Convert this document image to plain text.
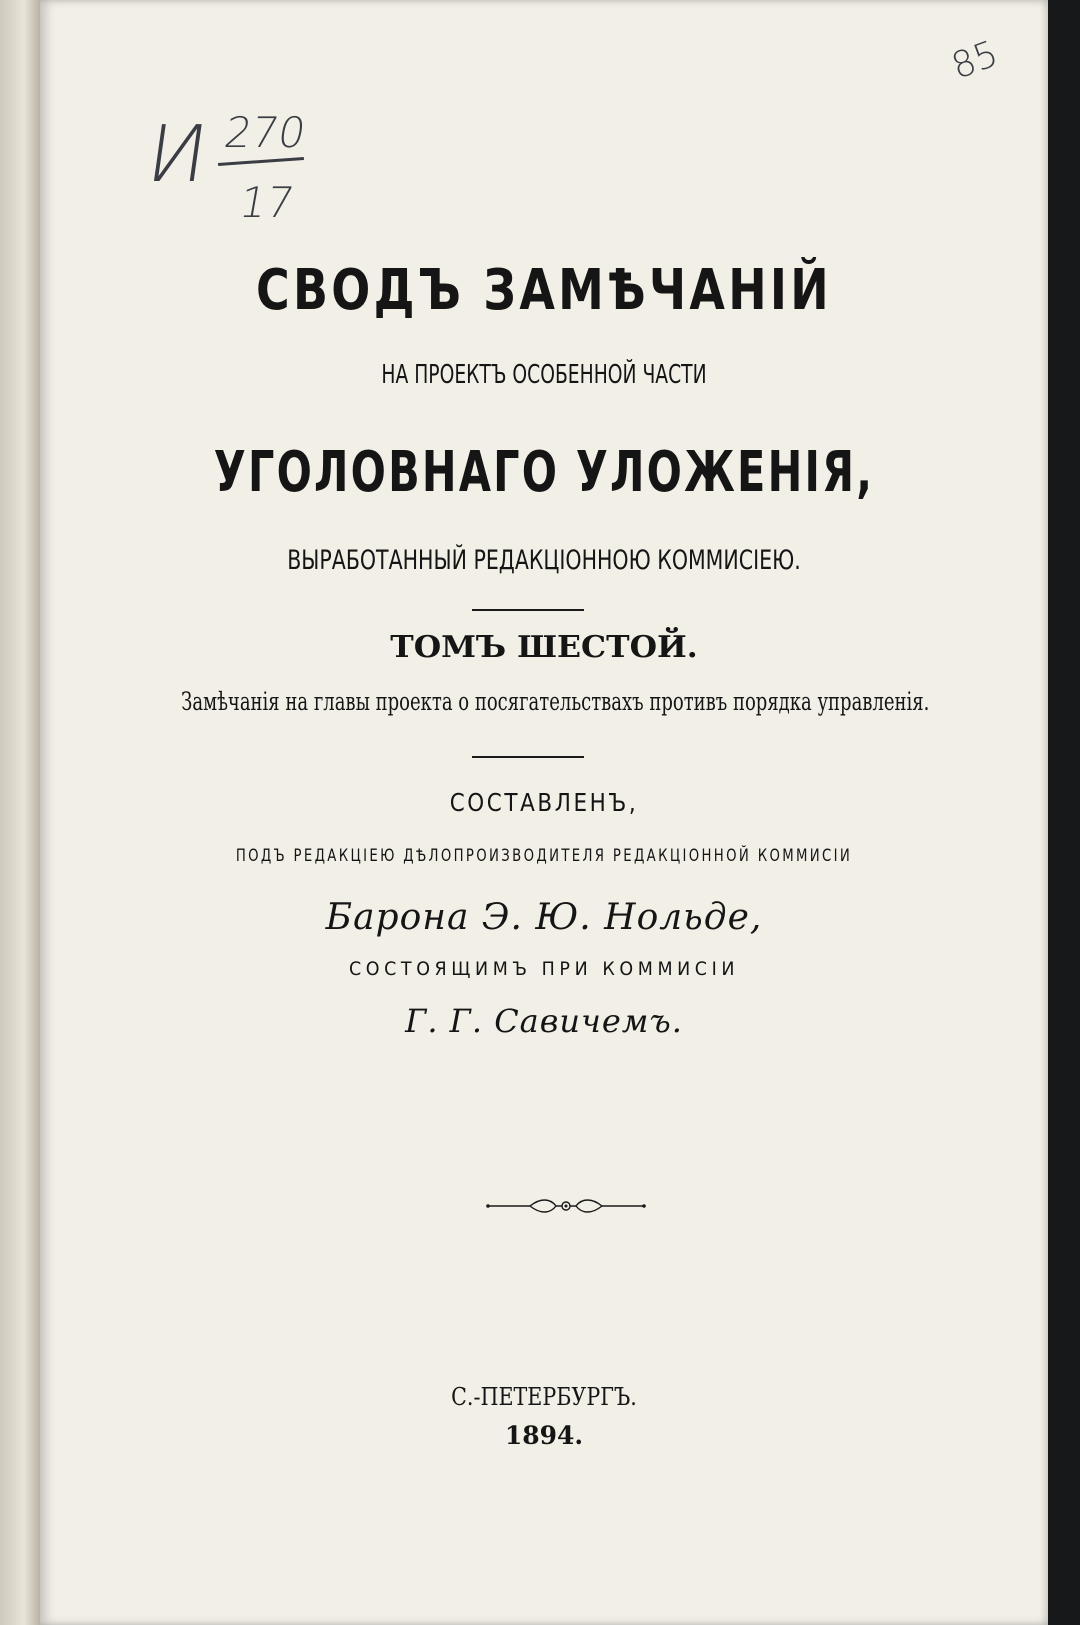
И 270
17
85
СВОДЪ ЗАМѢЧАНІЙ
НА ПРОЕКТЪ ОСОБЕННОЙ ЧАСТИ
УГОЛОВНАГО УЛОЖЕНІЯ,
ВЫРАБОТАННЫЙ РЕДАКЦІОННОЮ КОММИСІЕЮ.
ТОМЪ ШЕСТОЙ.
Замѣчанія на главы проекта о посягательствахъ противъ порядка управленія.
СОСТАВЛЕНЪ,
ПОДЪ РЕДАКЦІЕЮ ДѢЛОПРОИЗВОДИТЕЛЯ РЕДАКЦІОННОЙ КОММИСІИ
Барона Э. Ю. Нольде,
СОСТОЯЩИМЪ ПРИ КОММИСІИ
Г. Г. Савичемъ.
С.-ПЕТЕРБУРГЪ.
1894.
